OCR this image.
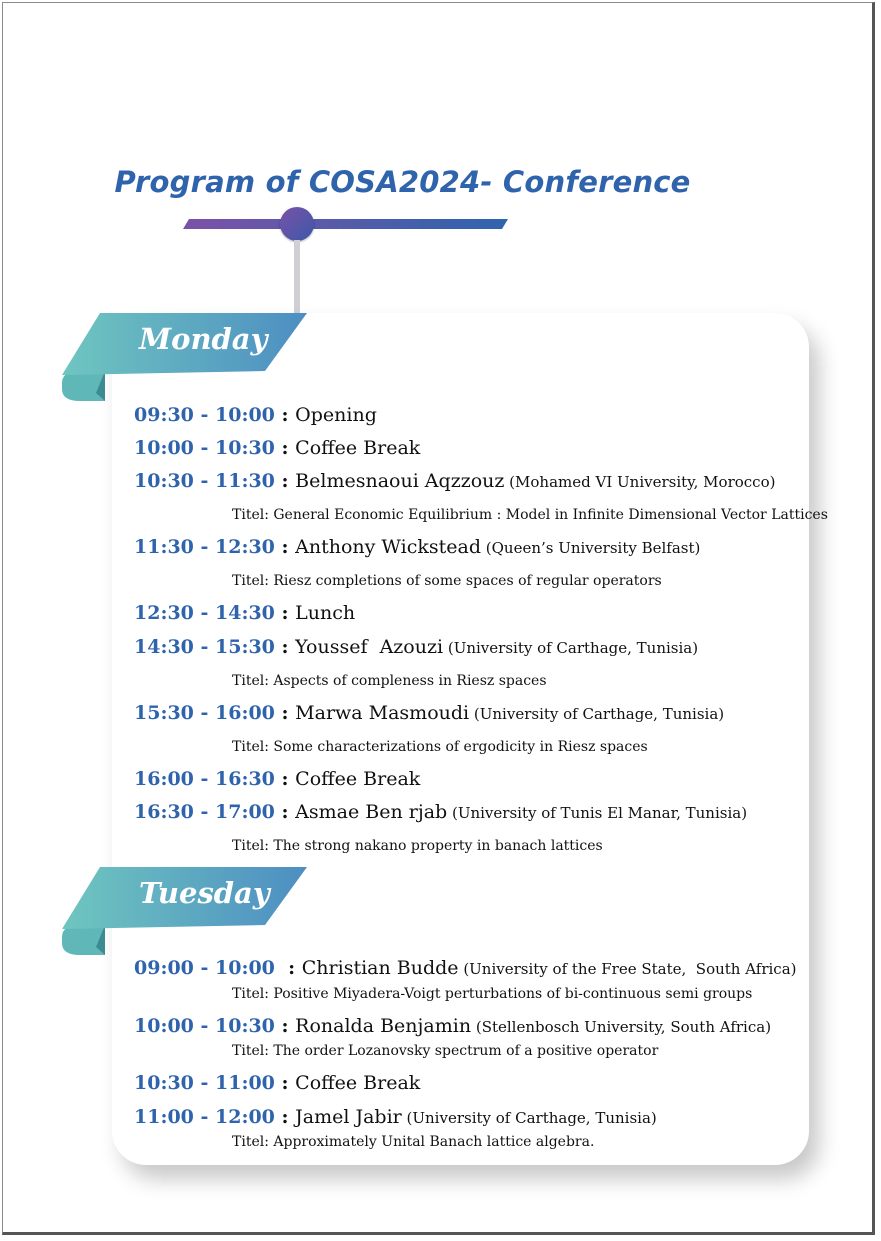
Program of COSA2024- Conference
Monday
Tuesday
09:30 - 10:00 : Opening
10:00 - 10:30 : Coffee Break
10:30 - 11:30 : Belmesnaoui Aqzzouz (Mohamed VI University, Morocco)
Titel: General Economic Equilibrium : Model in Infinite Dimensional Vector Lattices
11:30 - 12:30 : Anthony Wickstead (Queen’s University Belfast)
Titel: Riesz completions of some spaces of regular operators
12:30 - 14:30 : Lunch
14:30 - 15:30 : Youssef  Azouzi (University of Carthage, Tunisia)
Titel: Aspects of compleness in Riesz spaces
15:30 - 16:00 : Marwa Masmoudi (University of Carthage, Tunisia)
Titel: Some characterizations of ergodicity in Riesz spaces
16:00 - 16:30 : Coffee Break
16:30 - 17:00 : Asmae Ben rjab (University of Tunis El Manar, Tunisia)
Titel: The strong nakano property in banach lattices
09:00 - 10:00  : Christian Budde (University of the Free State,  South Africa)
Titel: Positive Miyadera-Voigt perturbations of bi-continuous semi groups
10:00 - 10:30 : Ronalda Benjamin (Stellenbosch University, South Africa)
Titel: The order Lozanovsky spectrum of a positive operator
10:30 - 11:00 : Coffee Break
11:00 - 12:00 : Jamel Jabir (University of Carthage, Tunisia)
Titel: Approximately Unital Banach lattice algebra.
